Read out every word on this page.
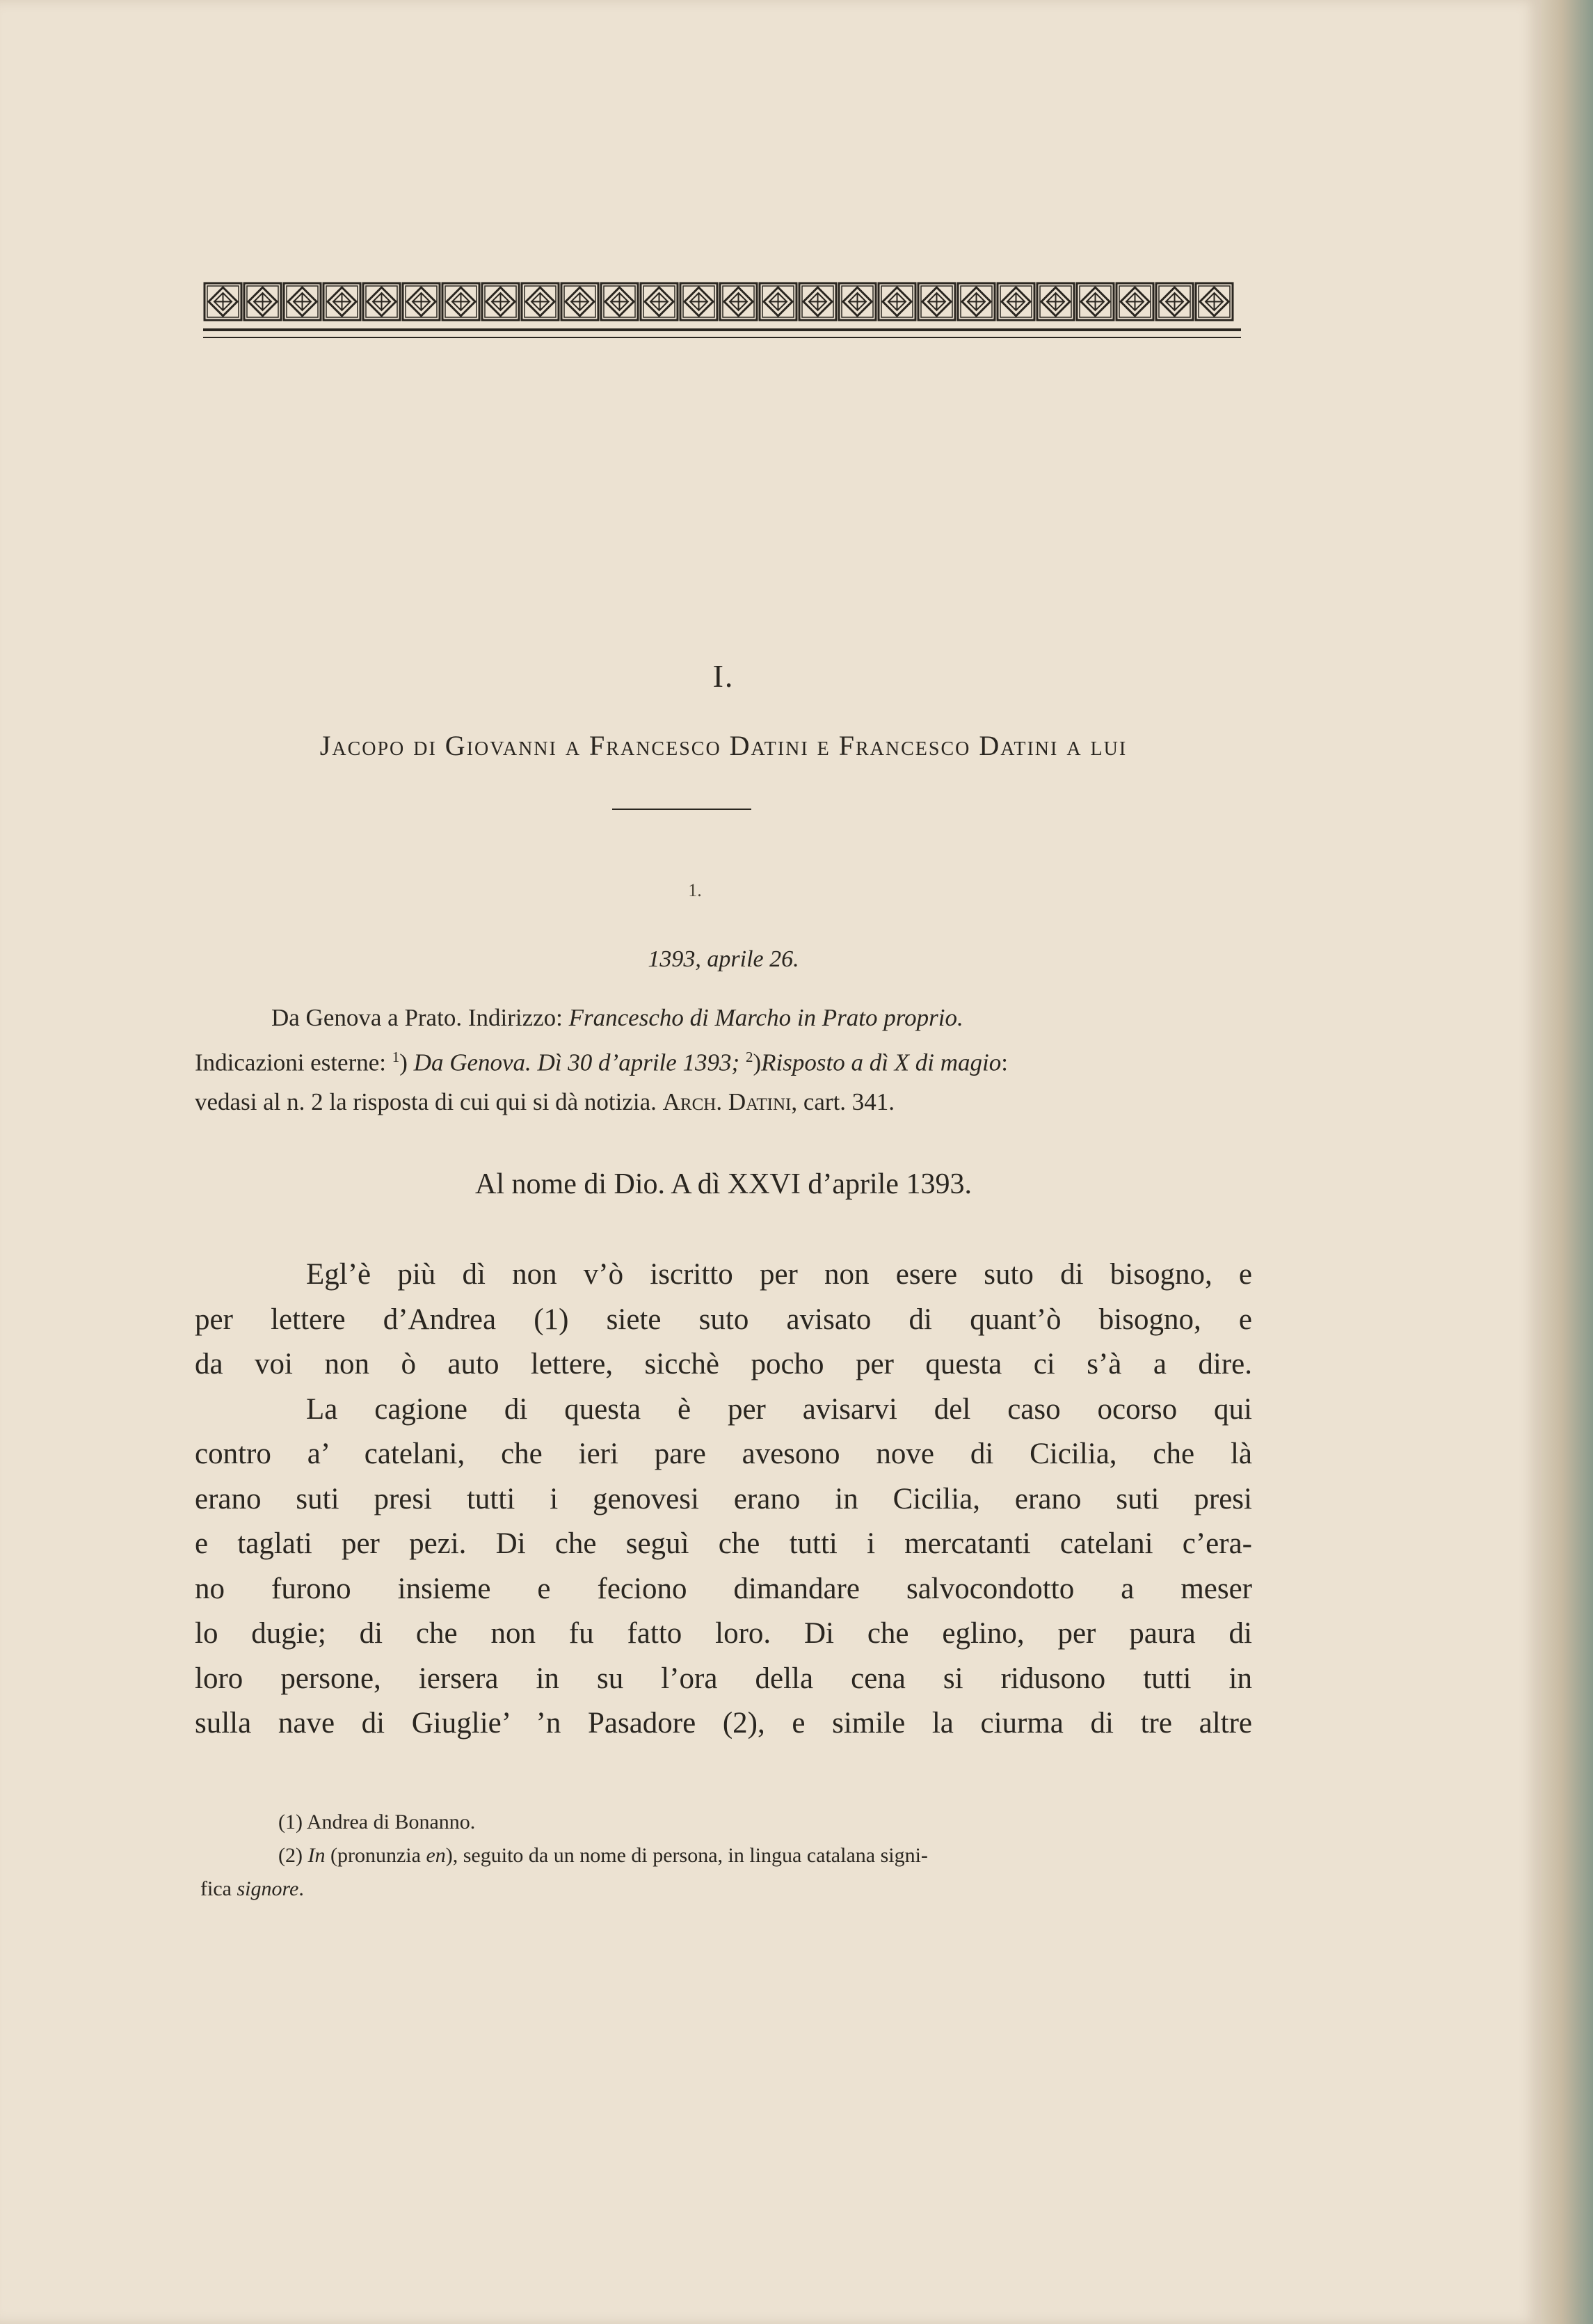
I.
Jacopo di Giovanni a Francesco Datini e Francesco Datini a lui
1.
1393, aprile 26.
Da Genova a Prato. Indirizzo: Francescho di Marcho in Prato proprio.
Indicazioni esterne: $^1$) Da Genova. Dì 30 d’aprile 1393; $^2$)Risposto a dì X di magio:
vedasi al n. 2 la risposta di cui qui si dà notizia. Arch. Datini, cart. 341.
Al nome di Dio. A dì XXVI d’aprile 1393.
Egl’è più dì non v’ò iscritto per non esere suto di bisogno, e
per lettere d’Andrea (1) siete suto avisato di quant’ò bisogno, e
da voi non ò auto lettere, sicchè pocho per questa ci s’à a dire.
La cagione di questa è per avisarvi del caso ocorso qui
contro a’ catelani, che ieri pare avesono nove di Cicilia, che là
erano suti presi tutti i genovesi erano in Cicilia, erano suti presi
e taglati per pezi. Di che seguì che tutti i mercatanti catelani c’era-
no furono insieme e feciono dimandare salvocondotto a meser
lo dugie; di che non fu fatto loro. Di che eglino, per paura di
loro persone, iersera in su l’ora della cena si ridusono tutti in
sulla nave di Giuglie’ ’n Pasadore (2), e simile la ciurma di tre altre
(1) Andrea di Bonanno.
(2) In (pronunzia en), seguito da un nome di persona, in lingua catalana signi-
fica signore.
